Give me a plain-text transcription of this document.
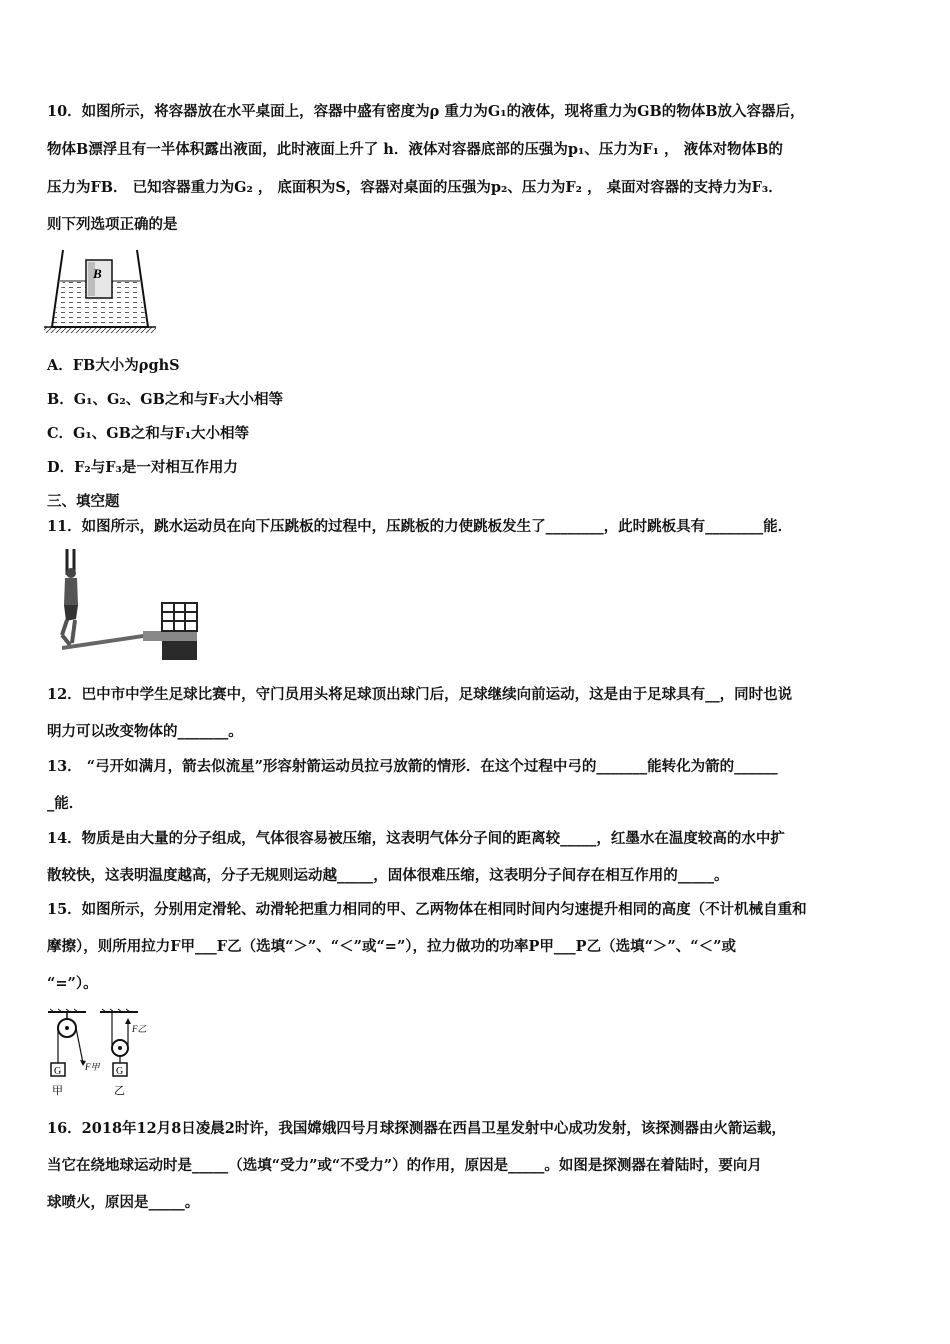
10．如图所示，将容器放在水平桌面上，容器中盛有密度为ρ 重力为G₁的液体，现将重力为GB的物体B放入容器后，
物体B漂浮且有一半体积露出液面，此时液面上升了 h．液体对容器底部的压强为p₁、压力为F₁ ， 液体对物体B的
压力为FB． 已知容器重力为G₂ ， 底面积为S，容器对桌面的压强为p₂、压力为F₂ ， 桌面对容器的支持力为F₃．
则下列选项正确的是
B
A．FB大小为ρghS
B．G₁、G₂、GB之和与F₃大小相等
C．G₁、GB之和与F₁大小相等
D．F₂与F₃是一对相互作用力
三、填空题
11．如图所示，跳水运动员在向下压跳板的过程中，压跳板的力使跳板发生了________，此时跳板具有________能．
12．巴中市中学生足球比赛中，守门员用头将足球顶出球门后，足球继续向前运动，这是由于足球具有__，同时也说
明力可以改变物体的_______。
13． “弓开如满月，箭去似流星”形容射箭运动员拉弓放箭的情形．在这个过程中弓的_______能转化为箭的______
_能．
14．物质是由大量的分子组成，气体很容易被压缩，这表明气体分子间的距离较_____，红墨水在温度较高的水中扩
散较快，这表明温度越高，分子无规则运动越_____，固体很难压缩，这表明分子间存在相互作用的_____。
15．如图所示，分别用定滑轮、动滑轮把重力相同的甲、乙两物体在相同时间内匀速提升相同的高度（不计机械自重和
摩擦），则所用拉力F甲___F乙（选填“＞”、“＜”或“=”），拉力做功的功率P甲___P乙（选填“＞”、“＜”或
“=”）。
F甲
G
甲
F乙
G
乙
16．2018年12月8日凌晨2时许，我国嫦娥四号月球探测器在西昌卫星发射中心成功发射，该探测器由火箭运载，
当它在绕地球运动时是_____（选填“受力”或“不受力”）的作用，原因是_____。如图是探测器在着陆时，要向月
球喷火，原因是_____。
